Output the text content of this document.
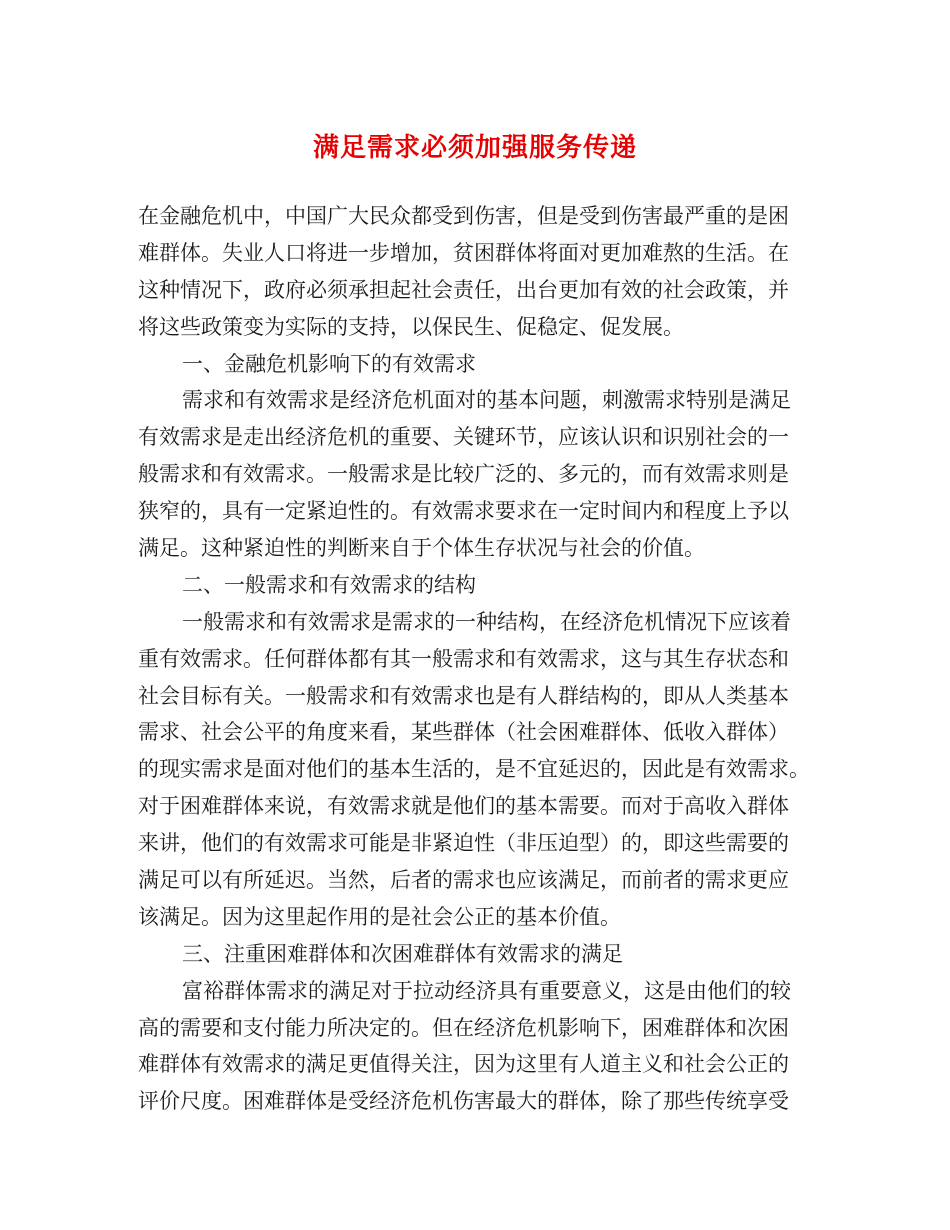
满足需求必须加强服务传递
在金融危机中，中国广大民众都受到伤害，但是受到伤害最严重的是困
难群体。失业人口将进一步增加，贫困群体将面对更加难熬的生活。在
这种情况下，政府必须承担起社会责任，出台更加有效的社会政策，并
将这些政策变为实际的支持，以保民生、促稳定、促发展。
一、金融危机影响下的有效需求
需求和有效需求是经济危机面对的基本问题，刺激需求特别是满足
有效需求是走出经济危机的重要、关键环节，应该认识和识别社会的一
般需求和有效需求。一般需求是比较广泛的、多元的，而有效需求则是
狭窄的，具有一定紧迫性的。有效需求要求在一定时间内和程度上予以
满足。这种紧迫性的判断来自于个体生存状况与社会的价值。
二、一般需求和有效需求的结构
一般需求和有效需求是需求的一种结构，在经济危机情况下应该着
重有效需求。任何群体都有其一般需求和有效需求，这与其生存状态和
社会目标有关。一般需求和有效需求也是有人群结构的，即从人类基本
需求、社会公平的角度来看，某些群体（社会困难群体、低收入群体）
的现实需求是面对他们的基本生活的，是不宜延迟的，因此是有效需求。
对于困难群体来说，有效需求就是他们的基本需要。而对于高收入群体
来讲，他们的有效需求可能是非紧迫性（非压迫型）的，即这些需要的
满足可以有所延迟。当然，后者的需求也应该满足，而前者的需求更应
该满足。因为这里起作用的是社会公正的基本价值。
三、注重困难群体和次困难群体有效需求的满足
富裕群体需求的满足对于拉动经济具有重要意义，这是由他们的较
高的需要和支付能力所决定的。但在经济危机影响下，困难群体和次困
难群体有效需求的满足更值得关注，因为这里有人道主义和社会公正的
评价尺度。困难群体是受经济危机伤害最大的群体，除了那些传统享受
